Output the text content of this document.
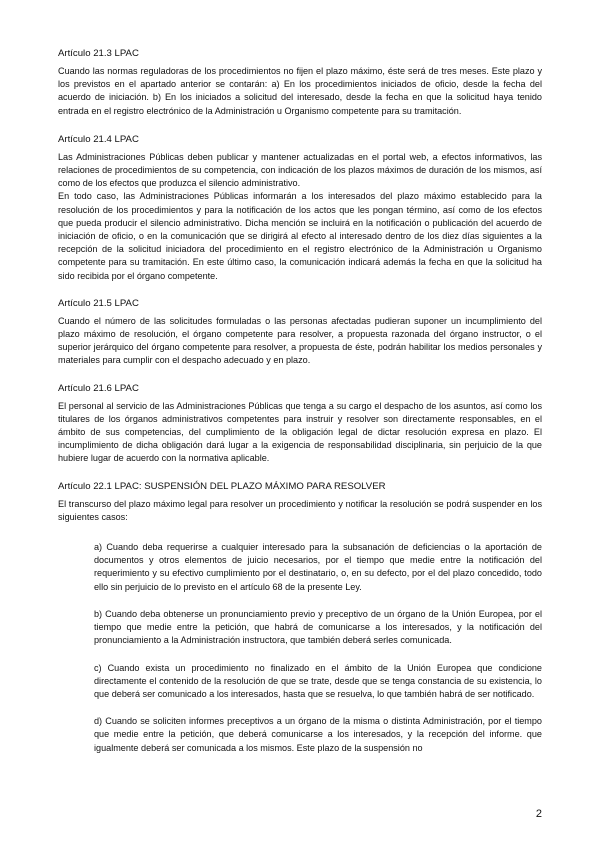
Artículo 21.3 LPAC

Cuando las normas reguladoras de los procedimientos no fijen el plazo máximo, éste será de tres meses. Este plazo y los previstos en el apartado anterior se contarán: a) En los procedimientos iniciados de oficio, desde la fecha del acuerdo de iniciación. b) En los iniciados a solicitud del interesado, desde la fecha en que la solicitud haya tenido entrada en el registro electrónico de la Administración u Organismo competente para su tramitación.

Artículo 21.4 LPAC

Las Administraciones Públicas deben publicar y mantener actualizadas en el portal web, a efectos informativos, las relaciones de procedimientos de su competencia, con indicación de los plazos máximos de duración de los mismos, así como de los efectos que produzca el silencio administrativo.

En todo caso, las Administraciones Públicas informarán a los interesados del plazo máximo establecido para la resolución de los procedimientos y para la notificación de los actos que les pongan término, así como de los efectos que pueda producir el silencio administrativo. Dicha mención se incluirá en la notificación o publicación del acuerdo de iniciación de oficio, o en la comunicación que se dirigirá al efecto al interesado dentro de los diez días siguientes a la recepción de la solicitud iniciadora del procedimiento en el registro electrónico de la Administración u Organismo competente para su tramitación. En este último caso, la comunicación indicará además la fecha en que la solicitud ha sido recibida por el órgano competente.

Artículo 21.5 LPAC

Cuando el número de las solicitudes formuladas o las personas afectadas pudieran suponer un incumplimiento del plazo máximo de resolución, el órgano competente para resolver, a propuesta razonada del órgano instructor, o el superior jerárquico del órgano competente para resolver, a propuesta de éste, podrán habilitar los medios personales y materiales para cumplir con el despacho adecuado y en plazo.

Artículo 21.6 LPAC

El personal al servicio de las Administraciones Públicas que tenga a su cargo el despacho de los asuntos, así como los titulares de los órganos administrativos competentes para instruir y resolver son directamente responsables, en el ámbito de sus competencias, del cumplimiento de la obligación legal de dictar resolución expresa en plazo. El incumplimiento de dicha obligación dará lugar a la exigencia de responsabilidad disciplinaria, sin perjuicio de la que hubiere lugar de acuerdo con la normativa aplicable.

Artículo 22.1 LPAC: SUSPENSIÓN DEL PLAZO MÁXIMO PARA RESOLVER

El transcurso del plazo máximo legal para resolver un procedimiento y notificar la resolución se podrá suspender en los siguientes casos:

a) Cuando deba requerirse a cualquier interesado para la subsanación de deficiencias o la aportación de documentos y otros elementos de juicio necesarios, por el tiempo que medie entre la notificación del requerimiento y su efectivo cumplimiento por el destinatario, o, en su defecto, por el del plazo concedido, todo ello sin perjuicio de lo previsto en el artículo 68 de la presente Ley.

b) Cuando deba obtenerse un pronunciamiento previo y preceptivo de un órgano de la Unión Europea, por el tiempo que medie entre la petición, que habrá de comunicarse a los interesados, y la notificación del pronunciamiento a la Administración instructora, que también deberá serles comunicada.

c) Cuando exista un procedimiento no finalizado en el ámbito de la Unión Europea que condicione directamente el contenido de la resolución de que se trate, desde que se tenga constancia de su existencia, lo que deberá ser comunicado a los interesados, hasta que se resuelva, lo que también habrá de ser notificado.

d) Cuando se soliciten informes preceptivos a un órgano de la misma o distinta Administración, por el tiempo que medie entre la petición, que deberá comunicarse a los interesados, y la recepción del informe. que igualmente deberá ser comunicada a los mismos. Este plazo de la suspensión no

2
